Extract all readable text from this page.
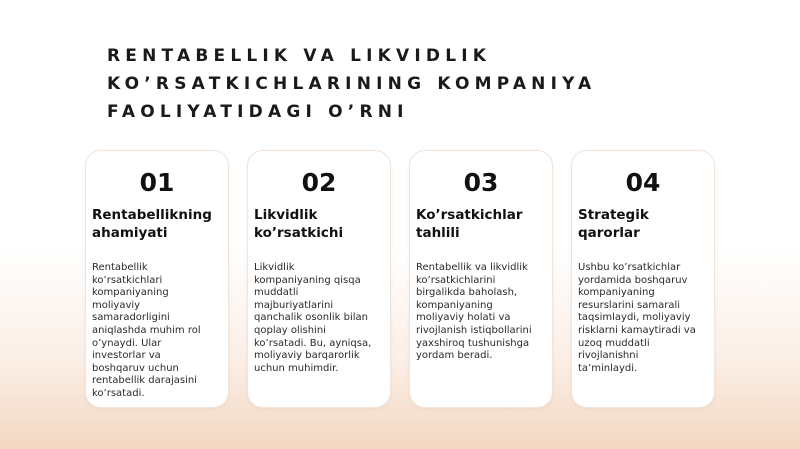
RENTABELLIK VA LIKVIDLIK
KO’RSATKICHLARINING KOMPANIYA
FAOLIYATIDAGI O’RNI
01
Rentabellikning
ahamiyati
Rentabellik
ko’rsatkichlari
kompaniyaning
moliyaviy
samaradorligini
aniqlashda muhim rol
o’ynaydi. Ular
investorlar va
boshqaruv uchun
rentabellik darajasini
ko’rsatadi.
02
Likvidlik
ko’rsatkichi
Likvidlik
kompaniyaning qisqa
muddatli
majburiyatlarini
qanchalik osonlik bilan
qoplay olishini
ko’rsatadi. Bu, ayniqsa,
moliyaviy barqarorlik
uchun muhimdir.
03
Ko’rsatkichlar
tahlili
Rentabellik va likvidlik
ko’rsatkichlarini
birgalikda baholash,
kompaniyaning
moliyaviy holati va
rivojlanish istiqbollarini
yaxshiroq tushunishga
yordam beradi.
04
Strategik
qarorlar
Ushbu ko’rsatkichlar
yordamida boshqaruv
kompaniyaning
resurslarini samarali
taqsimlaydi, moliyaviy
risklarni kamaytiradi va
uzoq muddatli
rivojlanishni
ta’minlaydi.
